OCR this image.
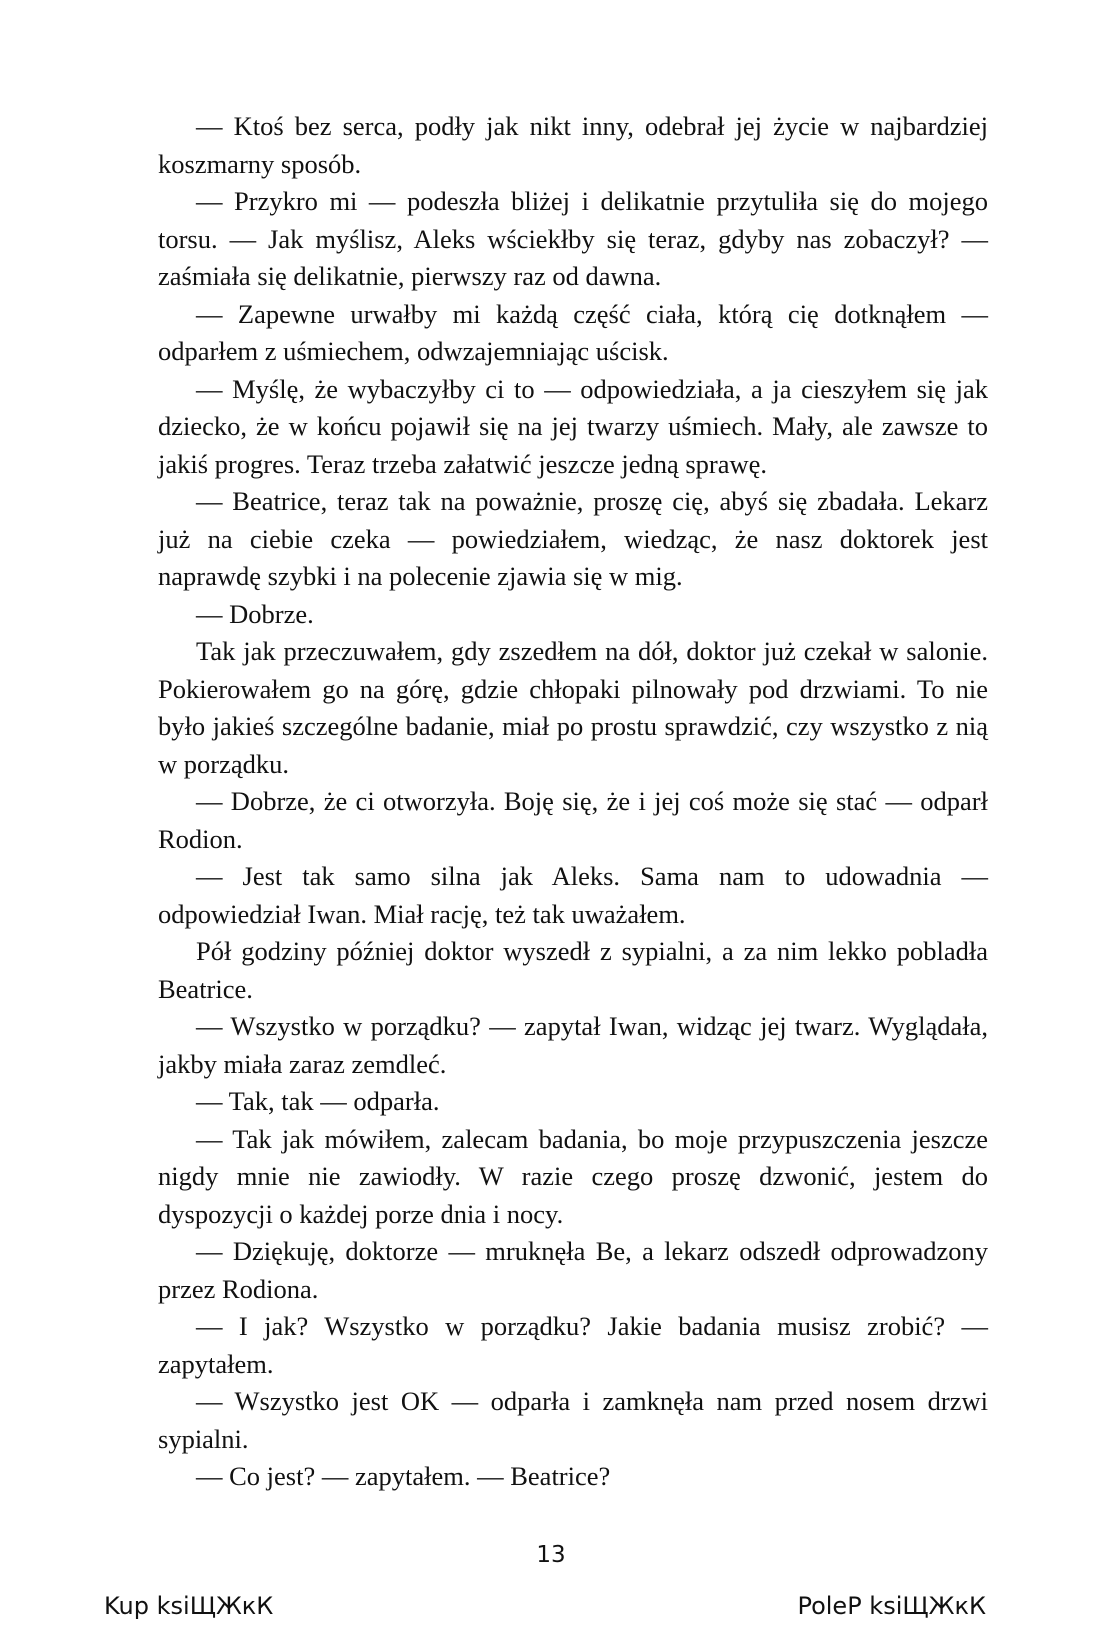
— Ktoś bez serca, podły jak nikt inny, odebrał jej życie w najbardziej koszmarny sposób.

— Przykro mi — podeszła bliżej i delikatnie przytuliła się do mojego torsu. — Jak myślisz, Aleks wściekłby się teraz, gdyby nas zobaczył? — zaśmiała się delikatnie, pierwszy raz od dawna.

— Zapewne urwałby mi każdą część ciała, którą cię dotknąłem — odparłem z uśmiechem, odwzajemniając uścisk.

— Myślę, że wybaczyłby ci to — odpowiedziała, a ja cieszyłem się jak dziecko, że w końcu pojawił się na jej twarzy uśmiech. Mały, ale zawsze to jakiś progres. Teraz trzeba załatwić jeszcze jedną sprawę.

— Beatrice, teraz tak na poważnie, proszę cię, abyś się zbadała. Lekarz już na ciebie czeka — powiedziałem, wiedząc, że nasz doktorek jest naprawdę szybki i na polecenie zjawia się w mig.

— Dobrze.

Tak jak przeczuwałem, gdy zszedłem na dół, doktor już czekał w salonie. Pokierowałem go na górę, gdzie chłopaki pilnowały pod drzwiami. To nie było jakieś szczególne badanie, miał po prostu sprawdzić, czy wszystko z nią w porządku.

— Dobrze, że ci otworzyła. Boję się, że i jej coś może się stać — odparł Rodion.

— Jest tak samo silna jak Aleks. Sama nam to udowadnia — odpowiedział Iwan. Miał rację, też tak uważałem.

Pół godziny później doktor wyszedł z sypialni, a za nim lekko pobladła Beatrice.

— Wszystko w porządku? — zapytał Iwan, widząc jej twarz. Wyglądała, jakby miała zaraz zemdleć.

— Tak, tak — odparła.

— Tak jak mówiłem, zalecam badania, bo moje przypuszczenia jeszcze nigdy mnie nie zawiodły. W razie czego proszę dzwonić, jestem do dyspozycji o każdej porze dnia i nocy.

— Dziękuję, doktorze — mruknęła Be, a lekarz odszedł odprowadzony przez Rodiona.

— I jak? Wszystko w porządku? Jakie badania musisz zrobić? — zapytałem.

— Wszystko jest OK — odparła i zamknęła nam przed nosem drzwi sypialni.

— Co jest? — zapytałem. — Beatrice?

13
Kup ksiЩЖкК	PoleP ksiЩЖкК
